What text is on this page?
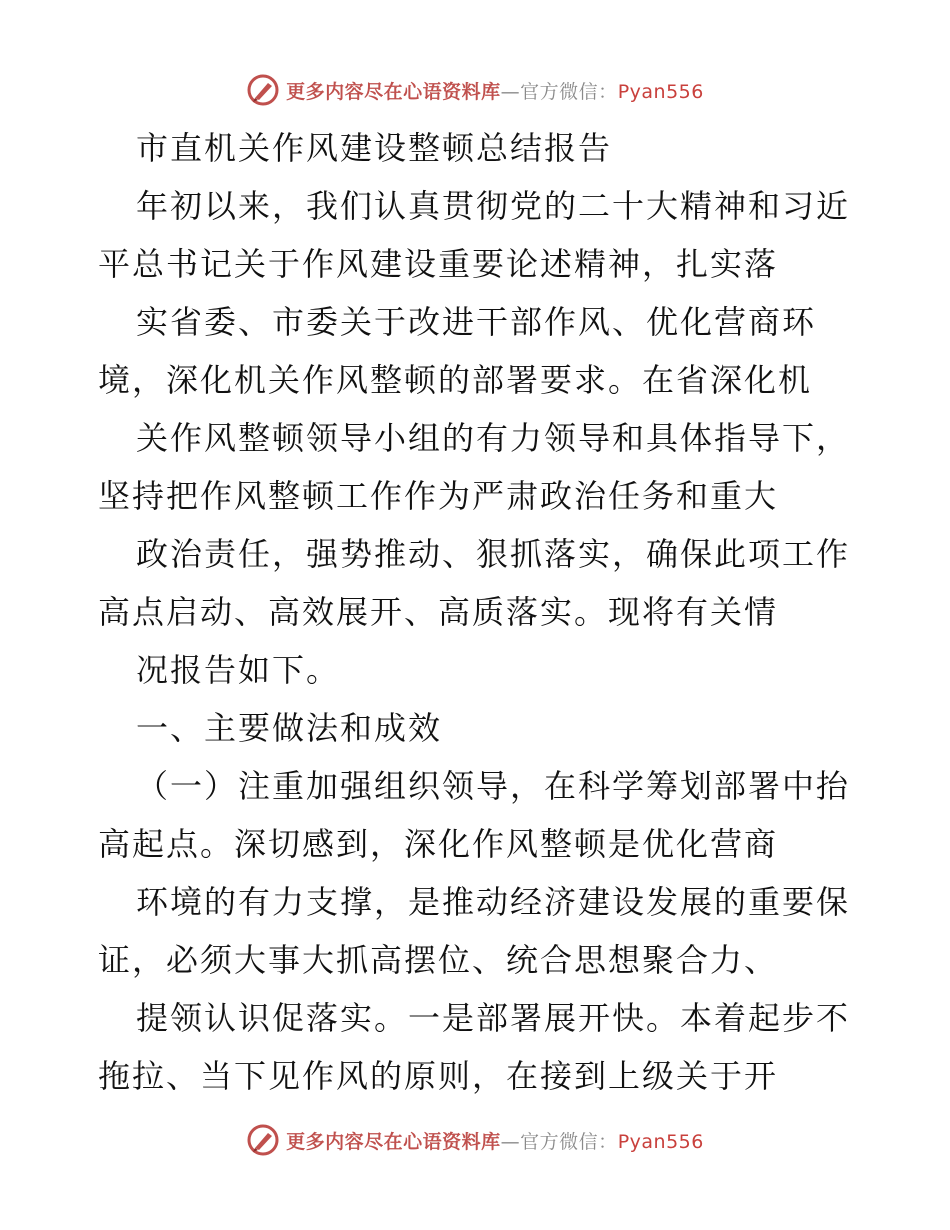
更多内容尽在心语资料库—官方微信：Pyan556
市直机关作风建设整顿总结报告
年初以来，我们认真贯彻党的二十大精神和习近
平总书记关于作风建设重要论述精神，扎实落
实省委、市委关于改进干部作风、优化营商环
境，深化机关作风整顿的部署要求。在省深化机
关作风整顿领导小组的有力领导和具体指导下，
坚持把作风整顿工作作为严肃政治任务和重大
政治责任，强势推动、狠抓落实，确保此项工作
高点启动、高效展开、高质落实。现将有关情
况报告如下。
一、主要做法和成效
（一）注重加强组织领导，在科学筹划部署中抬
高起点。深切感到，深化作风整顿是优化营商
环境的有力支撑，是推动经济建设发展的重要保
证，必须大事大抓高摆位、统合思想聚合力、
提领认识促落实。一是部署展开快。本着起步不
拖拉、当下见作风的原则，在接到上级关于开
更多内容尽在心语资料库—官方微信：Pyan556
